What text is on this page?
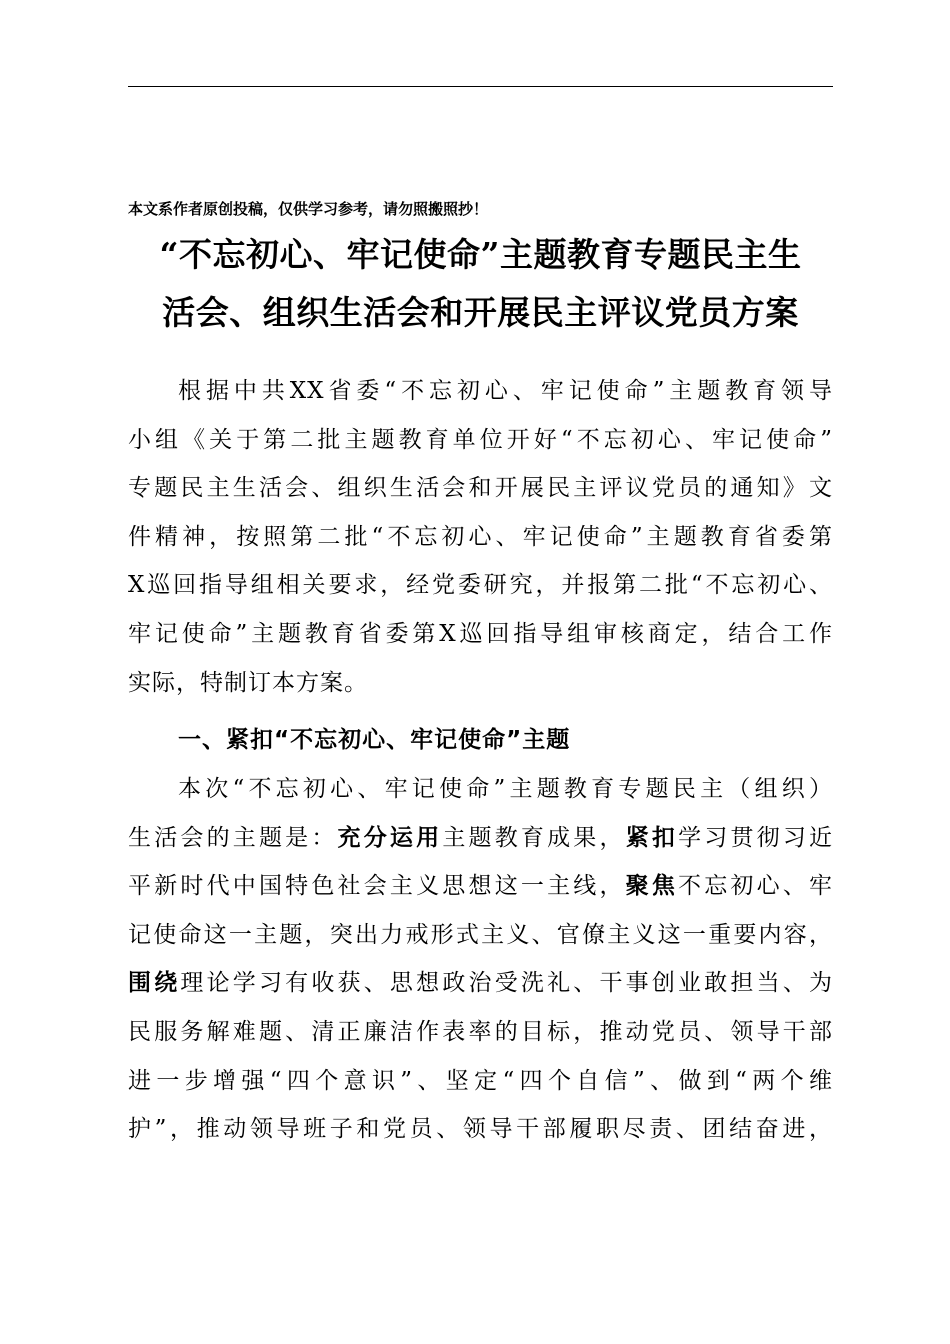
本文系作者原创投稿，仅供学习参考，请勿照搬照抄！
“不忘初心、牢记使命”主题教育专题民主生
活会、组织生活会和开展民主评议党员方案
根据中共XX省委“不忘初心、牢记使命”主题教育领导
小组《关于第二批主题教育单位开好“不忘初心、牢记使命”
专题民主生活会、组织生活会和开展民主评议党员的通知》文
件精神，按照第二批“不忘初心、牢记使命”主题教育省委第
X巡回指导组相关要求，经党委研究，并报第二批“不忘初心、
牢记使命”主题教育省委第X巡回指导组审核商定，结合工作
实际，特制订本方案。
一、紧扣“不忘初心、牢记使命”主题
本次“不忘初心、牢记使命”主题教育专题民主（组织）
生活会的主题是：充分运用主题教育成果，紧扣学习贯彻习近
平新时代中国特色社会主义思想这一主线，聚焦不忘初心、牢
记使命这一主题，突出力戒形式主义、官僚主义这一重要内容，
围绕理论学习有收获、思想政治受洗礼、干事创业敢担当、为
民服务解难题、清正廉洁作表率的目标，推动党员、领导干部
进一步增强“四个意识”、坚定“四个自信”、做到“两个维
护”，推动领导班子和党员、领导干部履职尽责、团结奋进，
